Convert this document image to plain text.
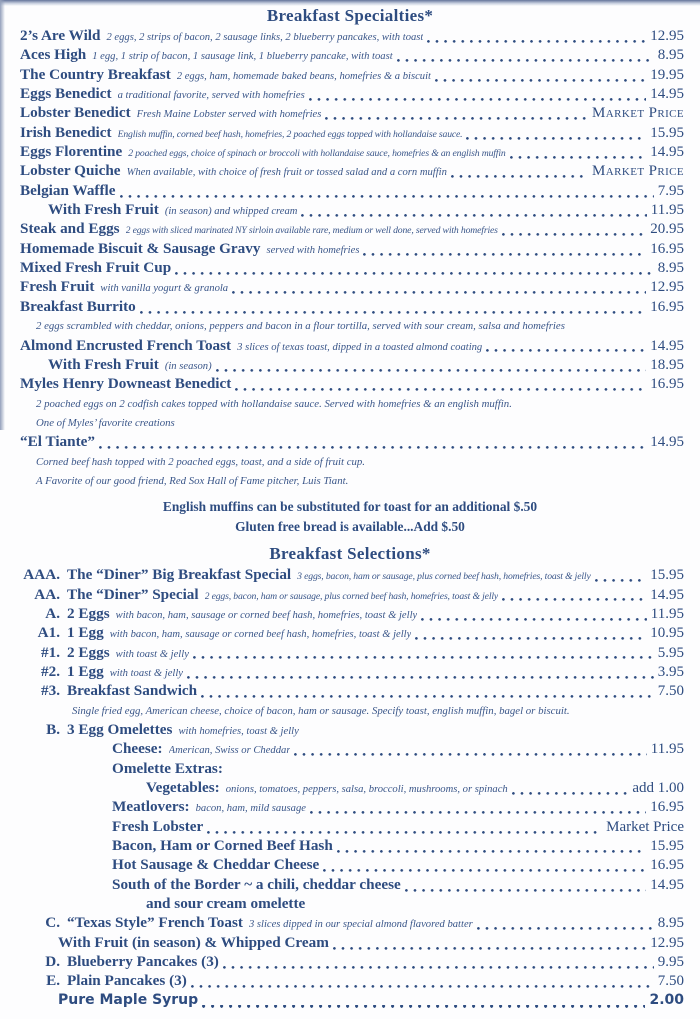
Breakfast Specialties*
2’s Are Wild 2 eggs, 2 strips of bacon, 2 sausage links, 2 blueberry pancakes, with toast	12.95
Aces High 1 egg, 1 strip of bacon, 1 sausage link, 1 blueberry pancake, with toast	8.95
The Country Breakfast 2 eggs, ham, homemade baked beans, homefries & a biscuit	19.95
Eggs Benedict a traditional favorite, served with homefries	14.95
Lobster Benedict Fresh Maine Lobster served with homefries	Market Price
Irish Benedict English muffin, corned beef hash, homefries, 2 poached eggs topped with hollandaise sauce.	15.95
Eggs Florentine 2 poached eggs, choice of spinach or broccoli with hollandaise sauce, homefries & an english muffin	14.95
Lobster Quiche When available, with choice of fresh fruit or tossed salad and a corn muffin	Market Price
Belgian Waffle	7.95
With Fresh Fruit (in season) and whipped cream	11.95
Steak and Eggs 2 eggs with sliced marinated NY sirloin available rare, medium or well done, served with homefries	20.95
Homemade Biscuit & Sausage Gravy served with homefries	16.95
Mixed Fresh Fruit Cup	8.95
Fresh Fruit with vanilla yogurt & granola	12.95
Breakfast Burrito	16.95
2 eggs scrambled with cheddar, onions, peppers and bacon in a flour tortilla, served with sour cream, salsa and homefries
Almond Encrusted French Toast 3 slices of texas toast, dipped in a toasted almond coating	14.95
With Fresh Fruit (in season)	18.95
Myles Henry Downeast Benedict	16.95
2 poached eggs on 2 codfish cakes topped with hollandaise sauce. Served with homefries & an english muffin.
One of Myles’ favorite creations
“El Tiante”	14.95
Corned beef hash topped with 2 poached eggs, toast, and a side of fruit cup.
A Favorite of our good friend, Red Sox Hall of Fame pitcher, Luis Tiant.
English muffins can be substituted for toast for an additional $.50
Gluten free bread is available...Add $.50
Breakfast Selections*
AAA. The “Diner” Big Breakfast Special 3 eggs, bacon, ham or sausage, plus corned beef hash, homefries, toast & jelly	15.95
AA. The “Diner” Special 2 eggs, bacon, ham or sausage, plus corned beef hash, homefries, toast & jelly	14.95
A. 2 Eggs with bacon, ham, sausage or corned beef hash, homefries, toast & jelly	11.95
A1. 1 Egg with bacon, ham, sausage or corned beef hash, homefries, toast & jelly	10.95
#1. 2 Eggs with toast & jelly	5.95
#2. 1 Egg with toast & jelly	3.95
#3. Breakfast Sandwich	7.50
Single fried egg, American cheese, choice of bacon, ham or sausage. Specify toast, english muffin, bagel or biscuit.
B. 3 Egg Omelettes with homefries, toast & jelly
Cheese: American, Swiss or Cheddar	11.95
Omelette Extras:
Vegetables: onions, tomatoes, peppers, salsa, broccoli, mushrooms, or spinach	add 1.00
Meatlovers: bacon, ham, mild sausage	16.95
Fresh Lobster	Market Price
Bacon, Ham or Corned Beef Hash	15.95
Hot Sausage & Cheddar Cheese	16.95
South of the Border ~ a chili, cheddar cheese	14.95
and sour cream omelette
C. “Texas Style” French Toast 3 slices dipped in our special almond flavored batter	8.95
With Fruit (in season) & Whipped Cream	12.95
D. Blueberry Pancakes (3)	9.95
E. Plain Pancakes (3)	7.50
Pure Maple Syrup	2.00
